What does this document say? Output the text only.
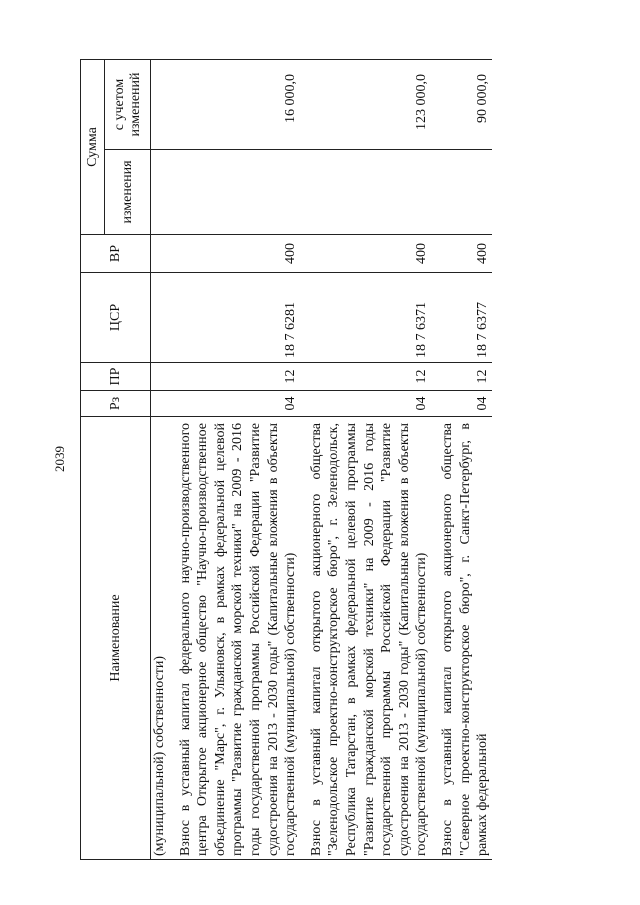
2039
Наименование	Рз	ПР	ЦСР	ВР	Сумма	
					изменения	с учетом изменений
(муниципальной) собственности)						
Взнос в уставный капитал федерального научно-производственного центра Открытое акционерное общество "Научно-производственное объединение "Марс", г. Ульяновск, в рамках федеральной целевой программы "Развитие гражданской морской техники" на 2009 - 2016 годы государственной программы Российской Федерации "Развитие судостроения на 2013 - 2030 годы" (Капитальные вложения в объекты государственной (муниципальной) собственности)	04	12	18 7 6281	400		16 000,0
Взнос в уставный капитал открытого акционерного общества "Зеленодольское проектно-конструкторское бюро", г. Зеленодольск, Республика Татарстан, в рамках федеральной целевой программы "Развитие гражданской морской техники" на 2009 - 2016 годы государственной программы Российской Федерации "Развитие судостроения на 2013 - 2030 годы" (Капитальные вложения в объекты государственной (муниципальной) собственности)	04	12	18 7 6371	400		123 000,0
Взнос в уставный капитал открытого акционерного общества "Северное проектно-конструкторское бюро", г. Санкт-Петербург, в рамках федеральной	04	12	18 7 6377	400		90 000,0
